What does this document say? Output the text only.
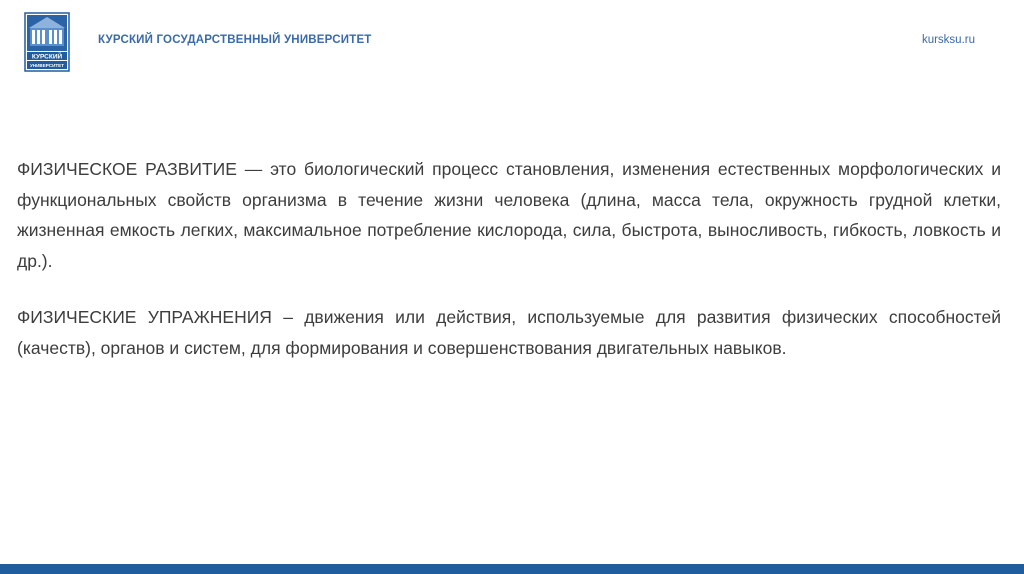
КУРСКИЙ
УНИВЕРСИТЕТ
КУРСКИЙ ГОСУДАРСТВЕННЫЙ УНИВЕРСИТЕТ	kursksu.ru

ФИЗИЧЕСКОЕ РАЗВИТИЕ — это биологический процесс становления, изменения естественных морфологических и функциональных свойств организма в течение жизни человека (длина, масса тела, окружность грудной клетки, жизненная емкость легких, максимальное потребление кислорода, сила, быстрота, выносливость, гибкость, ловкость и др.).

ФИЗИЧЕСКИЕ УПРАЖНЕНИЯ – движения или действия, используемые для развития физических способностей (качеств), органов и систем, для формирования и совершенствования двигательных навыков.
